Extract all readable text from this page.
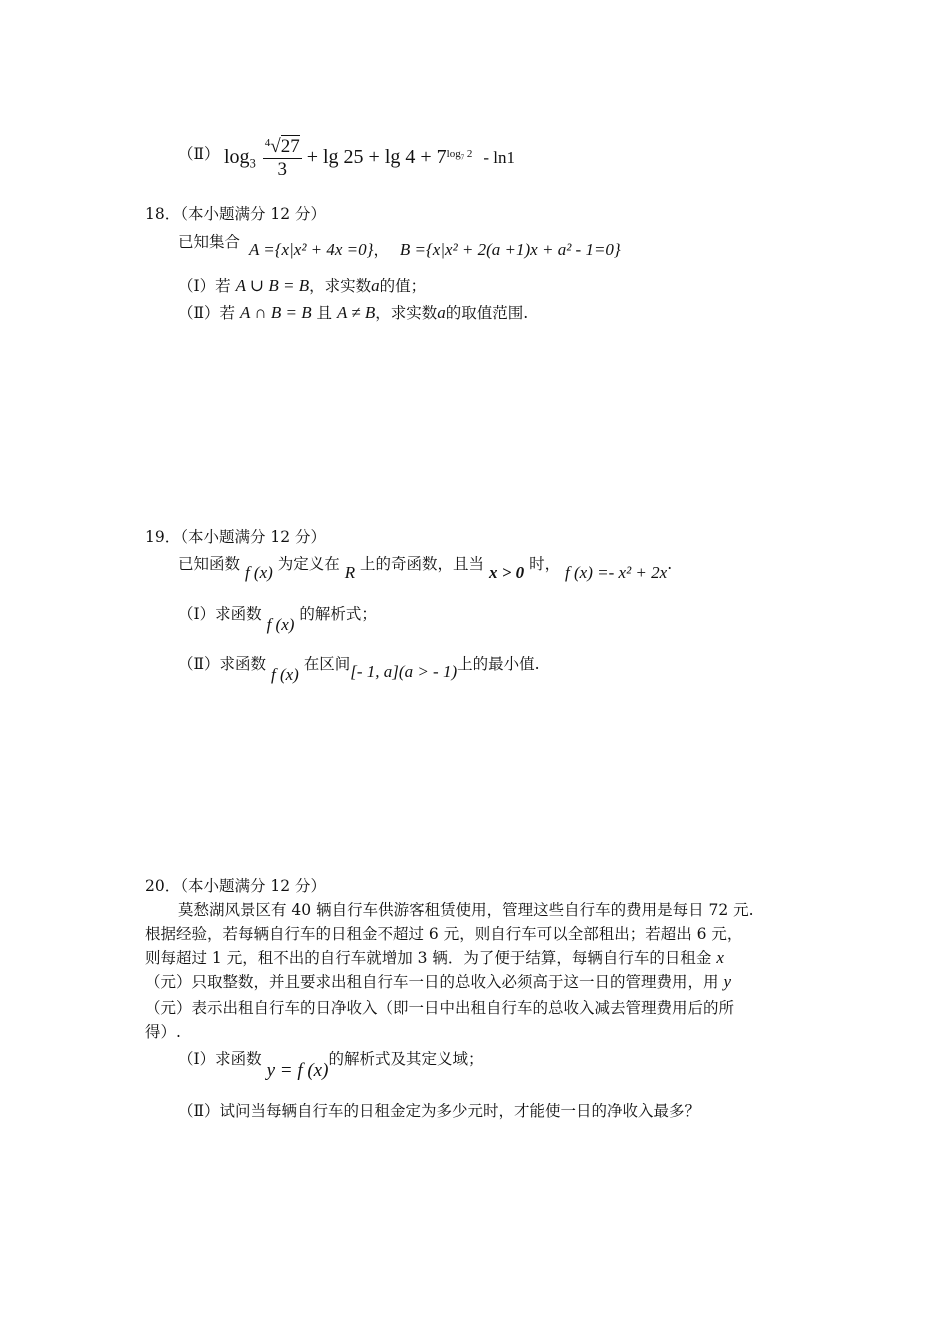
（Ⅱ） $\log_3 \frac{^4√27}{3} + \lg 25 + \lg 4 + 7^{log_7 2} - \ln 1$
18．（本小题满分 12 分）
已知集合 A ={x|x² + 4x =0}， B ={x|x² + 2(a +1)x + a² - 1=0}
（Ⅰ）若 A ∪ B = B，求实数a的值；
（Ⅱ）若 A ∩ B = B 且 A ≠ B，求实数a的取值范围.
19．（本小题满分 12 分）
已知函数 f (x) 为定义在 R 上的奇函数，且当 x > 0 时， f (x) =- x² + 2x.
（Ⅰ）求函数 f (x) 的解析式；
（Ⅱ）求函数 f (x) 在区间[- 1, a](a > - 1)上的最小值.
20．（本小题满分 12 分）
莫愁湖风景区有 40 辆自行车供游客租赁使用，管理这些自行车的费用是每日 72 元.
根据经验，若每辆自行车的日租金不超过 6 元，则自行车可以全部租出；若超出 6 元，
则每超过 1 元，租不出的自行车就增加 3 辆．为了便于结算，每辆自行车的日租金 x
（元）只取整数，并且要求出租自行车一日的总收入必须高于这一日的管理费用，用 y
（元）表示出租自行车的日净收入（即一日中出租自行车的总收入减去管理费用后的所
得）.
（Ⅰ）求函数 y = f (x)的解析式及其定义域；
（Ⅱ）试问当每辆自行车的日租金定为多少元时，才能使一日的净收入最多？
